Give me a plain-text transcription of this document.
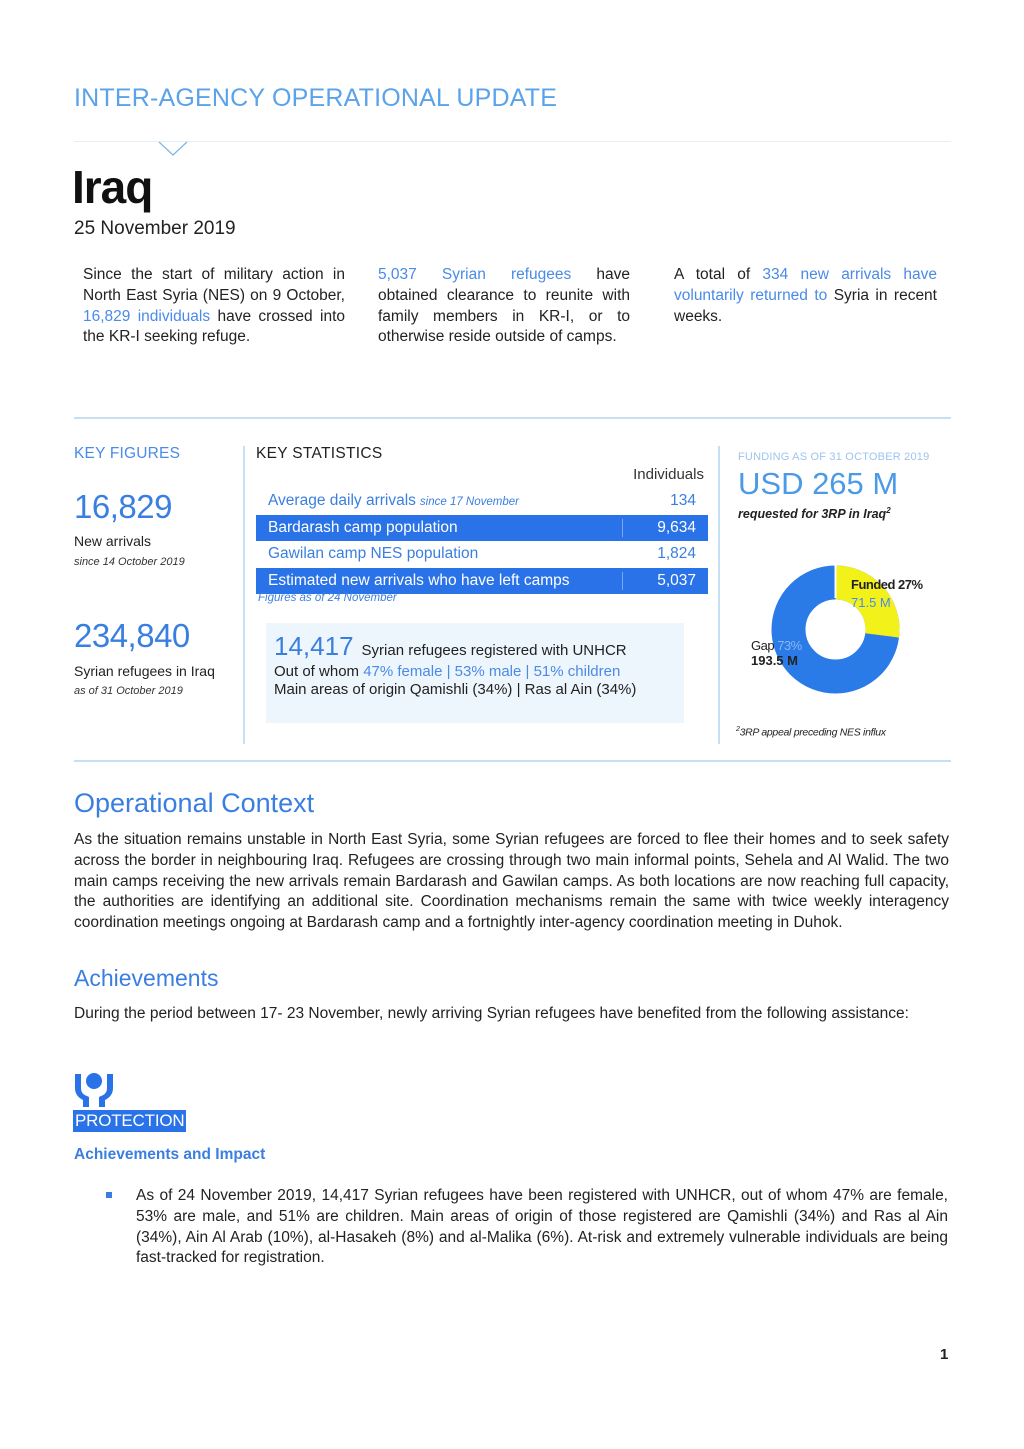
INTER-AGENCY OPERATIONAL UPDATE
Iraq
25 November 2019
Since the start of military action in North East Syria (NES) on 9 October, 16,829 individuals have crossed into the KR-I seeking refuge.
5,037 Syrian refugees have obtained clearance to reunite with family members in KR-I, or to otherwise reside outside of camps.
A total of 334 new arrivals have voluntarily returned to Syria in recent weeks.
KEY FIGURES
16,829
New arrivals
since 14 October 2019
234,840
Syrian refugees in Iraq
as of 31 October 2019
KEY STATISTICS
Individuals
Average daily arrivals since 17 November	134
Bardarash camp population	9,634
Gawilan camp NES population	1,824
Estimated new arrivals who have left camps	5,037
Figures as of 24 November
14,417 Syrian refugees registered with UNHCR
Out of whom 47% female | 53% male | 51% children
Main areas of origin Qamishli (34%) | Ras al Ain (34%)
FUNDING AS OF 31 OCTOBER 2019
USD 265 M
requested for 3RP in Iraq$^2$
Funded 27%
71.5 M
Gap 73%
193.5 M
$^2$3RP appeal preceding NES influx
Operational Context
As the situation remains unstable in North East Syria, some Syrian refugees are forced to flee their homes and to seek safety across the border in neighbouring Iraq. Refugees are crossing through two main informal points, Sehela and Al Walid. The two main camps receiving the new arrivals remain Bardarash and Gawilan camps. As both locations are now reaching full capacity, the authorities are identifying an additional site. Coordination mechanisms remain the same with twice weekly interagency coordination meetings ongoing at Bardarash camp and a fortnightly inter-agency coordination meeting in Duhok.
Achievements
During the period between 17- 23 November, newly arriving Syrian refugees have benefited from the following assistance:
PROTECTION
Achievements and Impact
As of 24 November 2019, 14,417 Syrian refugees have been registered with UNHCR, out of whom 47% are female, 53% are male, and 51% are children. Main areas of origin of those registered are Qamishli (34%) and Ras al Ain (34%), Ain Al Arab (10%), al-Hasakeh (8%) and al-Malika (6%). At-risk and extremely vulnerable individuals are being fast-tracked for registration.
1
